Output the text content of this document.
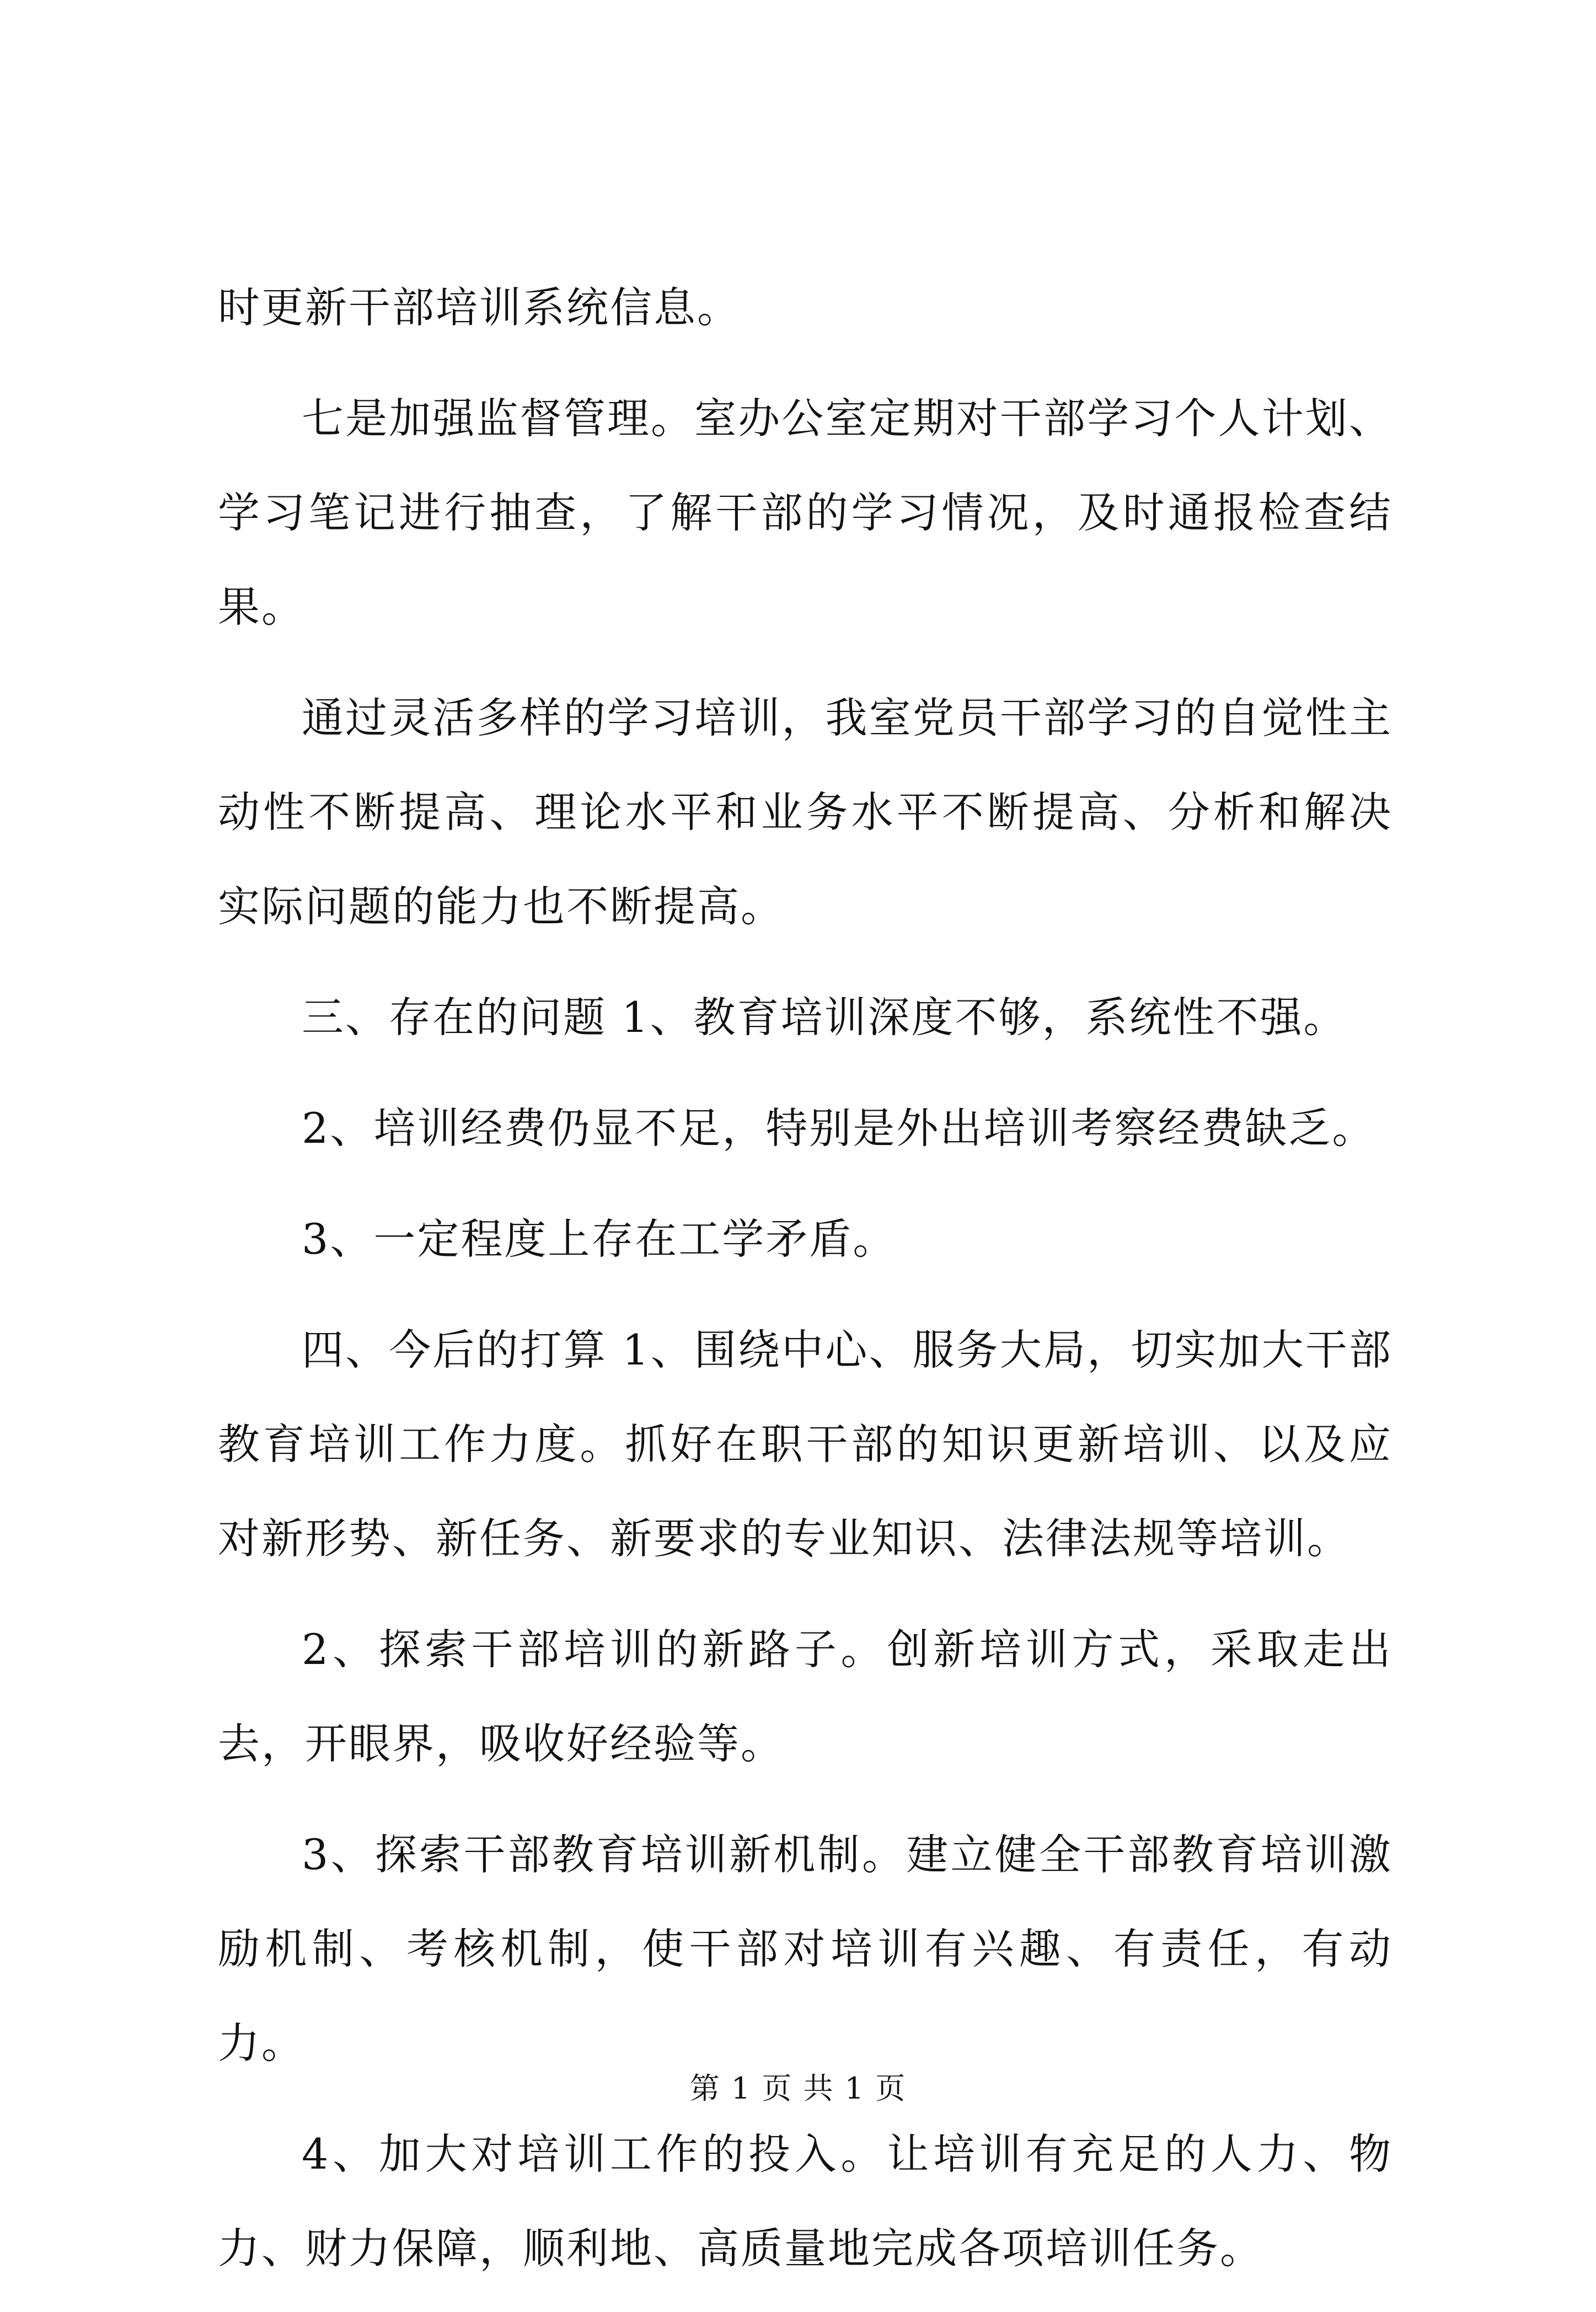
时更新干部培训系统信息。

七是加强监督管理。室办公室定期对干部学习个人计划、学习笔记进行抽查，了解干部的学习情况，及时通报检查结果。

通过灵活多样的学习培训，我室党员干部学习的自觉性主动性不断提高、理论水平和业务水平不断提高、分析和解决实际问题的能力也不断提高。

三、存在的问题 1、教育培训深度不够，系统性不强。

2、培训经费仍显不足，特别是外出培训考察经费缺乏。

3、一定程度上存在工学矛盾。

四、今后的打算 1、围绕中心、服务大局，切实加大干部教育培训工作力度。抓好在职干部的知识更新培训、以及应对新形势、新任务、新要求的专业知识、法律法规等培训。

2、探索干部培训的新路子。创新培训方式，采取走出去，开眼界，吸收好经验等。

3、探索干部教育培训新机制。建立健全干部教育培训激励机制、考核机制，使干部对培训有兴趣、有责任，有动力。

4、加大对培训工作的投入。让培训有充足的人力、物力、财力保障，顺利地、高质量地完成各项培训任务。

第 1 页 共 1 页
